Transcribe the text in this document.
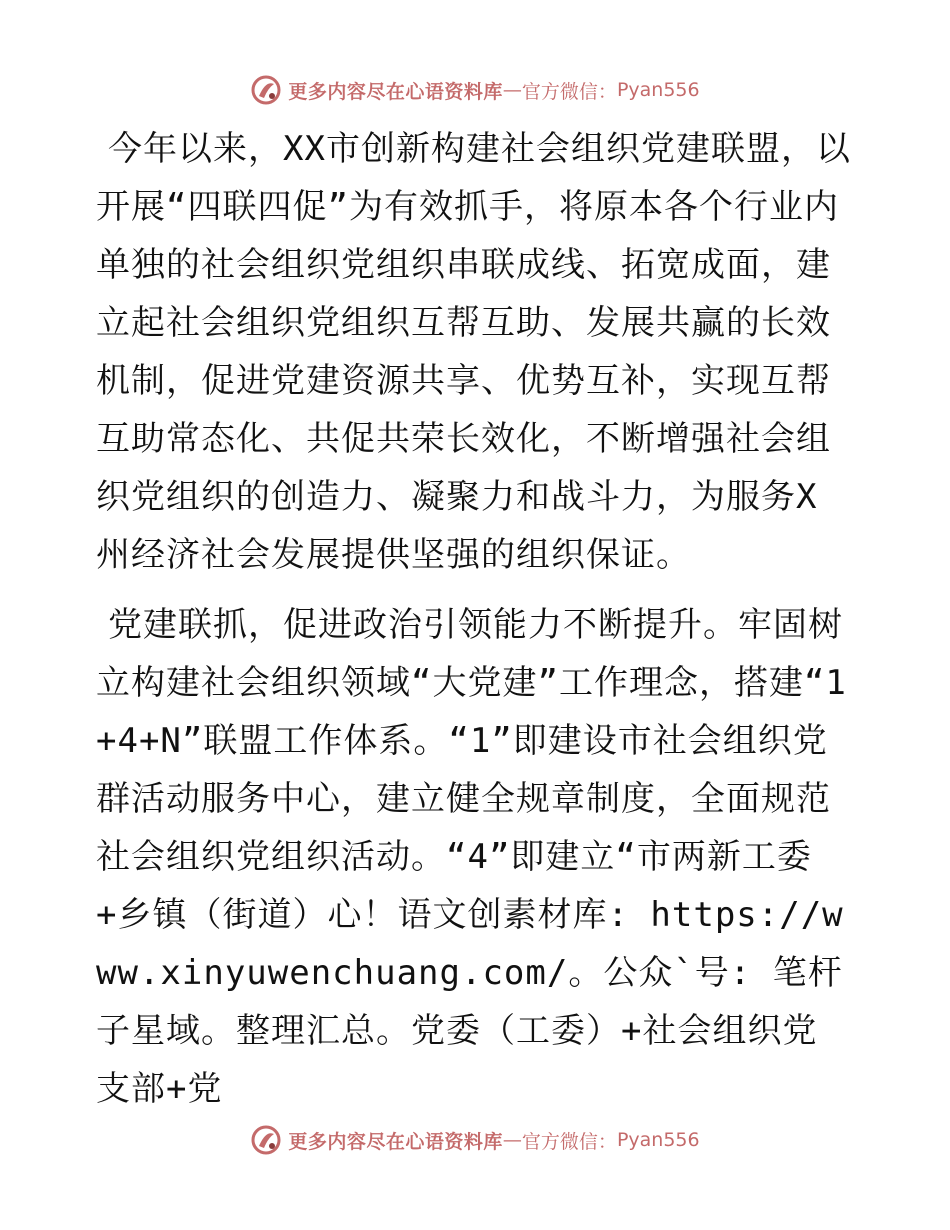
更多内容尽在心语资料库 — 官方微信： Pyan556

今年以来，XX市创新构建社会组织党建联盟，以开展“四联四促”为有效抓手，将原本各个行业内单独的社会组织党组织串联成线、拓宽成面，建立起社会组织党组织互帮互助、发展共赢的长效机制，促进党建资源共享、优势互补，实现互帮互助常态化、共促共荣长效化，不断增强社会组织党组织的创造力、凝聚力和战斗力，为服务X州经济社会发展提供坚强的组织保证。

党建联抓，促进政治引领能力不断提升。牢固树立构建社会组织领域“大党建”工作理念，搭建“1+4+N”联盟工作体系。“1”即建设市社会组织党群活动服务中心，建立健全规章制度，全面规范社会组织党组织活动。“4”即建立“市两新工委+乡镇（街道）心！语文创素材库: https://www.xinyuwenchuang.com/。公众`号: 笔杆子星域。整理汇总。党委（工委）+社会组织党支部+党

更多内容尽在心语资料库 — 官方微信： Pyan556
